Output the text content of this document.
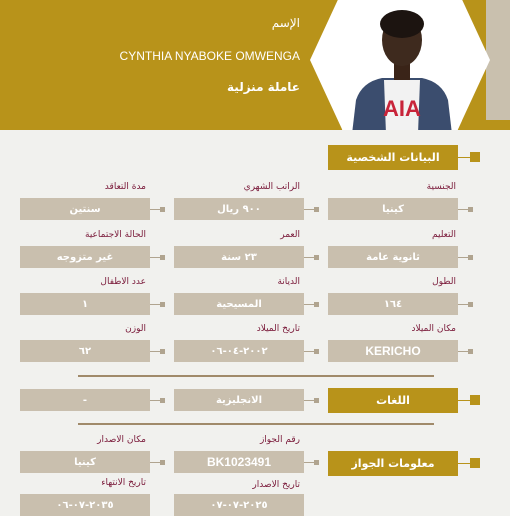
AIA
الإسم
CYNTHIA NYABOKE OMWENGA
عاملة منزلية
البيانات الشخصية
الجنسية
كينيا
الراتب الشهري
٩٠٠ ريال
مدة التعاقد
سنتين
التعليم
ثانوية عامة
العمر
٢٣ سنة
الحالة الاجتماعية
غير متزوجه
الطول
١٦٤
الديانة
المسيحية
عدد الاطفال
١
مكان الميلاد
KERICHO
تاريخ الميلاد
٢٠٠٢-٠٤-٠٦
الوزن
٦٢
اللغات
الانجليزية
-
معلومات الجواز
رقم الجواز
BK1023491
مكان الاصدار
كينيا
تاريخ الاصدار
٢٠٢٥-٠٧-٠٧
تاريخ الانتهاء
٢٠٣٥-٠٧-٠٦
